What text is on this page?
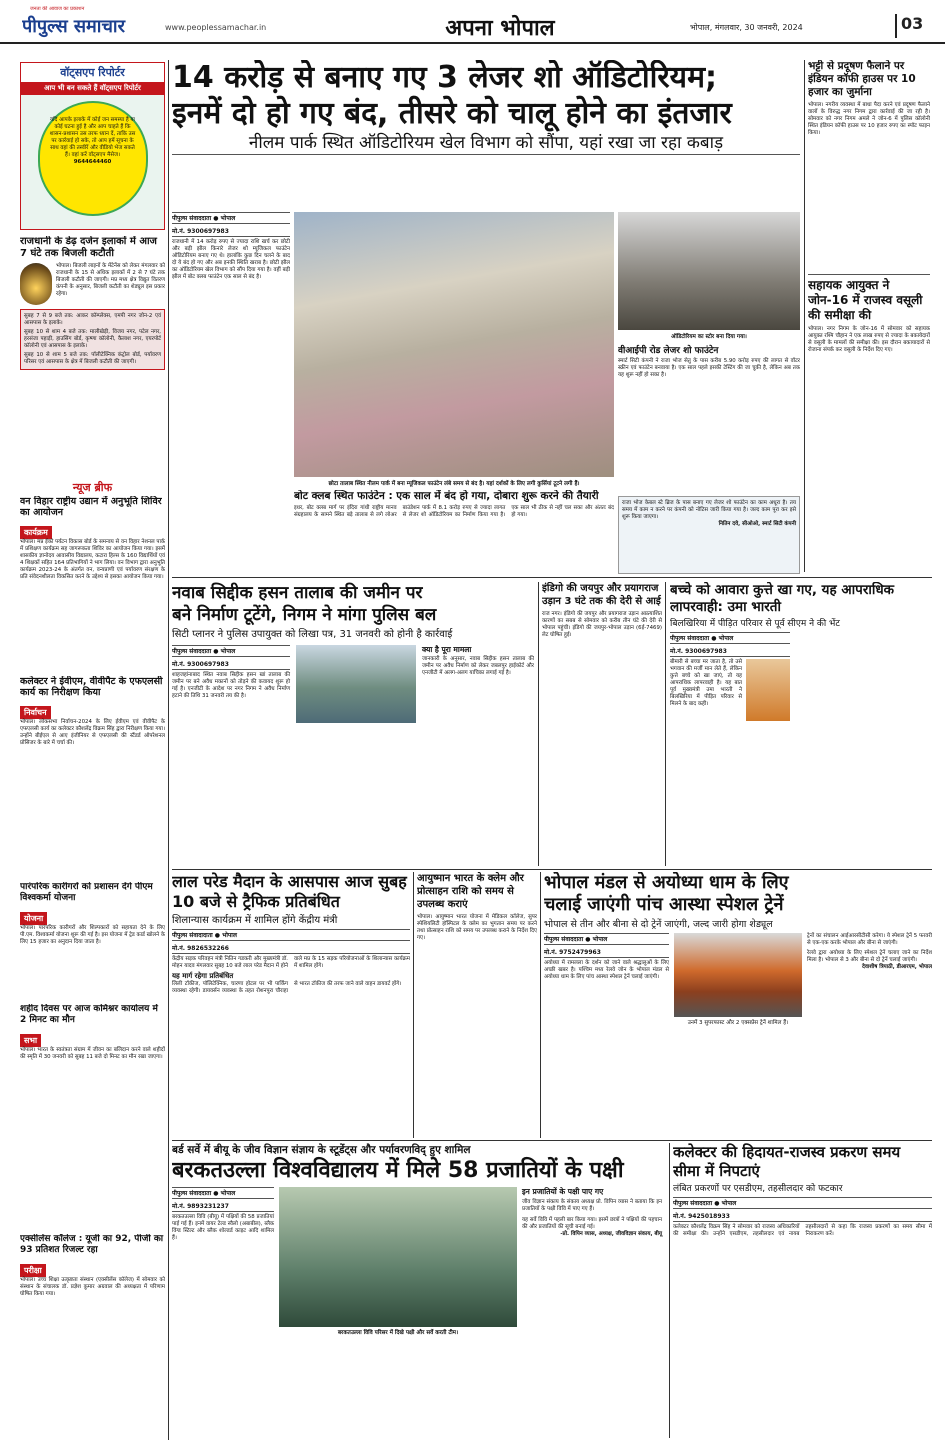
पीपुल्स समाचार
जनता की आवाज का प्रकाशन
www.peoplessamachar.in	अपना भोपाल	भोपाल, मंगलवार, 30 जनवरी, 2024	03
वॉट्सएप रिपोर्टर
आप भी बन सकते हैं वॉट्सएप रिपोर्टर
यदि आपके इलाके में कोई जन समस्या है या कोई घटना हुई है और आप चाहते हैं कि शासन-प्रशासन उस तरफ ध्यान दें, ताकि उस पर कार्रवाई हो सके, तो आप हमें सूचना के साथ वहां की तस्वीरें और वीडियो भेज सकते हैं। वहां करें वॉट्सएप मैसेज।
9644644460
राजधानी के डेढ़ दर्जन इलाकों में आज 7 घंटे तक बिजली कटौती
भोपाल। बिजली लाइनों के मेंटेनेंस को लेकर मंगलवार को राजधानी के 15 से अधिक इलाकों में 2 से 7 घंटे तक बिजली कटौती की जाएगी। मप्र मध्य क्षेत्र विद्युत वितरण कंपनी के अनुसार, बिजली कटौती का शेड्यूल इस प्रकार रहेगा।
सुबह 7 से 9 बजे तक: आकर कॉम्प्लेक्स, एमपी नगर जोन-2 एवं आसपास के इलाके।
सुबह 10 से शाम 4 बजे तक: मालीखेड़ी, विजय नगर, पटेल नगर, हरसंजा पहाड़ी, हाउसिंग बोर्ड, कृष्णा कॉलोनी, कैलाश नगर, एयरपोर्ट कॉलोनी एवं आसपास के इलाके।
सुबह 10 से शाम 5 बजे तक: पॉलीटेक्निक कंट्रोल बोर्ड, पर्यावरण परिसर एवं आसपास के क्षेत्र में बिजली कटौती की जाएगी।
न्यूज ब्रीफ
वन विहार राष्ट्रीय उद्यान में अनुभूति शिविर का आयोजन
कार्यक्रम
भोपाल। मप्र ईको पर्यटन विकास बोर्ड के समन्वय से वन विहार नेशनल पार्क में प्रशिक्षण कार्यक्रम सह जागरूकता शिविर का आयोजन किया गया। इसमें शासकीय ज्ञानोदय आवासीय विद्यालय, कटारा हिल्स के 160 विद्यार्थियों एवं 4 शिक्षकों सहित 164 प्रतिभागियों ने भाग लिया। वन विभाग द्वारा अनुभूति कार्यक्रम 2023-24 के अंतर्गत वन, वन्यप्राणी एवं पर्यावरण संरक्षण के प्रति संवेदनशीलता विकसित करने के उद्देश्य से इसका आयोजन किया गया।
कलेक्टर ने ईवीएम, वीवीपैट के एफएलसी कार्य का निरीक्षण किया
निर्वाचन
भोपाल। लोकसभा निर्वाचन-2024 के लिए ईवीएम एवं वीवीपैट के एफएलसी कार्य का कलेक्टर कौशलेंद्र विक्रम सिंह द्वारा निरीक्षण किया गया। उन्होंने बीईएल से आए इंजीनियर से एफएलसी की स्टैंडर्ड ऑपरेशनल प्रोसिजर के बारे में चर्चा की।
पारंपरिक कारीगरों को प्रशासन देंगे पीएम विश्वकर्मा योजना
योजना
भोपाल। पारंपरिक कारीगरों और शिल्पकारों को सहायता देने के लिए पी.एम. विश्वकर्मा योजना शुरू की गई है। इस योजना में ट्रेड कार्ड खोलने के लिए 15 हजार का अनुदान दिया जाता है।
शहीद दिवस पर आज कमिश्नर कार्यालय में 2 मिनट का मौन
सभा
भोपाल। भारत के स्वतंत्रता संग्राम में जीवन का बलिदान करने वाले शहीदों की स्मृति में 30 जनवरी को सुबह 11 बजे दो मिनट का मौन रखा जाएगा।
एक्सीलेंस कॉलेज : यूजी का 92, पीजी का 93 प्रतिशत रिजल्ट रहा
परीक्षा
भोपाल। उच्च शिक्षा उत्कृष्टता संस्थान (एक्सीलेंस कॉलेज) में सोमवार को संस्थान के संचालक डॉ. प्रज्ञेश कुमार अग्रवाल की अध्यक्षता में परिणाम घोषित किया गया।
14 करोड़ से बनाए गए 3 लेजर शो ऑडिटोरियम;
इनमें दो हो गए बंद, तीसरे को चालू होने का इंतजार
नीलम पार्क स्थित ऑडिटोरियम खेल विभाग को सौंपा, यहां रखा जा रहा कबाड़
पीपुल्स संवाददाता ● भोपाल
मो.नं. 9300697983
राजधानी में 14 करोड़ रुपए से ज्यादा राशि खर्च कर छोटी और बड़ी झील किनारे लेजर शो म्यूजिकल फाउंटेन ऑडिटोरियम बनाए गए थे। हालांकि कुछ दिन चलने के बाद दो ये बंद हो गए और अब इनकी स्थिति खराब है। छोटी झील का ऑडिटोरियम खेल विभाग को सौंप दिया गया है। वहीं बड़ी झील में बोट क्लब फाउंटेन एक साल से बंद है।
छोटा तालाब स्थित नीलम पार्क में बना म्यूजिकल फाउंटेन लंबे समय से बंद है। यहां दर्शकों के लिए लगी कुर्सियां टूटने लगी हैं।
ऑडिटोरियम का स्टोर बना दिया गया।
वीआईपी रोड लेजर शो फाउंटेन
स्मार्ट सिटी कंपनी ने राजा भोज सेतु के पास करीब 5.90 करोड़ रुपए की लागत से वॉटर स्क्रीन एवं फाउंटेन बनवाया है। एक साल पहले इसकी टेस्टिंग की जा चुकी है, लेकिन अब तक यह शुरू नहीं हो सका है।
बोट क्लब स्थित फाउंटेन : एक साल में बंद हो गया, दोबारा शुरू करने की तैयारी
इधर, बोट क्लब मार्ग पर इंदिरा गांधी राष्ट्रीय मानव संग्रहालय के सामने स्थित बड़े तालाब से लगे लोअर बाउंडेशन पार्क में 8.1 करोड़ रुपए से ज्यादा लागत से लेजर शो ऑडिटोरियम का निर्माण किया गया है। एक साल भी ठीक से नहीं चल सका और अंततः बंद हो गया।
राजा भोज केबल स्टे ब्रिज के पास बनाए गए लेजर शो फाउंटेन का काम अधूरा है। तय समय में काम न करने पर कंपनी को नोटिस जारी किया गया है। जल्द काम पूरा कर इसे शुरू किया जाएगा।
नितिन दवे, सीओओ, स्मार्ट सिटी कंपनी
भट्टी से प्रदूषण फैलाने पर इंडियन कॉफी हाउस पर 10 हजार का जुर्माना
भोपाल। नगरीय व्यवस्था में बाधा पैदा करने एवं प्रदूषण फैलाने वालों के विरुद्ध नगर निगम द्वारा कार्रवाई की जा रही है। सोमवार को नगर निगम अमले ने जोन-6 में पुलिस कॉलोनी स्थित इंडियन कॉफी हाउस पर 10 हजार रुपए का स्पॉट फाइन किया।
सहायक आयुक्त ने जोन-16 में राजस्व वसूली की समीक्षा की
भोपाल। नगर निगम के जोन-16 में सोमवार को सहायक आयुक्त रश्मि चौहान ने एक लाख रुपए से ज्यादा के बकायेदारों से वसूली के मामलों की समीक्षा की। इस दौरान बकायादारों से रोजाना संपर्क कर वसूली के निर्देश दिए गए।
नवाब सिद्दीक हसन तालाब की जमीन पर
बने निर्माण टूटेंगे, निगम ने मांगा पुलिस बल
सिटी प्लानर ने पुलिस उपायुक्त को लिखा पत्र, 31 जनवरी को होनी है कार्रवाई
पीपुल्स संवाददाता ● भोपाल
मो.नं. 9300697983
शाहजहांनाबाद स्थित नवाब सिद्दीक हसन खां तालाब की जमीन पर बने अवैध मकानों को तोड़ने की कवायद शुरू हो गई है। एनजीटी के आदेश पर नगर निगम ने अवैध निर्माण हटाने की तिथि 31 जनवरी तय की है।
क्या है पूरा मामला
जानकारी के अनुसार, नवाब सिद्दीक हसन तालाब की जमीन पर अवैध निर्माण को लेकर जबलपुर हाईकोर्ट और एनजीटी में अलग-अलग याचिका लगाई गई है।
इंडिगो की जयपुर और प्रयागराज उड़ान 3 घंटे तक की देरी से आई
राज नगर। इंडिगो की जयपुर और प्रयागराज उड़ान अप्रत्याशित कारणों का सबब से सोमवार को करीब तीन घंटे की देरी से भोपाल पहुंची। इंडिगो की जयपुर-भोपाल उड़ान (6ई-7469) लेट घोषित हुई।
बच्चे को आवारा कुत्ते खा गए, यह आपराधिक लापरवाही: उमा भारती
बिलखिरिया में पीड़ित परिवार से पूर्व सीएम ने की भेंट
पीपुल्स संवाददाता ● भोपाल
मो.नं. 9300697983
बीमारी से बच्चा मर जाता है, तो उसे भगवान की मर्जी मान लेते हैं, लेकिन कुत्ते बच्चे को खा जाएं, तो यह आपराधिक लापरवाही है। यह बात पूर्व मुख्यमंत्री उमा भारती ने बिलखिरिया में पीड़ित परिवार से मिलने के बाद कही।
लाल परेड मैदान के आसपास आज सुबह 10 बजे से ट्रैफिक प्रतिबंधित
शिलान्यास कार्यक्रम में शामिल होंगे केंद्रीय मंत्री
पीपुल्स संवादादाता ● भोपाल
मो.नं. 9826532266
केंद्रीय सड़क परिवहन मंत्री नितिन गडकरी और मुख्यमंत्री डॉ. मोहन यादव मंगलवार सुबह 10 बजे लाल परेड मैदान में होने वाले मप्र के 15 सड़क परियोजनाओं के शिलान्यास कार्यक्रम में शामिल होंगे।
यह मार्ग रहेगा प्रतिबंधित
लिली टॉकीज, पॉलिटेक्निक, चारणा होटल पर भी पार्किंग व्यवस्था रहेगी। डायवर्सन व्यवस्था के तहत रोशनपुरा चौराहा से भारत टॉकीज की तरफ जाने वाले वाहन डायवर्ट होंगे।
आयुष्मान भारत के क्लेम और प्रोत्साहन राशि को समय से उपलब्ध कराएं
भोपाल। आयुष्मान भारत योजना में मेडिकल कॉलेज, सुपर स्पेशियलिटी हॉस्पिटल के क्लेम का भुगतान समय पर करने तथा प्रोत्साहन राशि को समय पर उपलब्ध कराने के निर्देश दिए गए।
भोपाल मंडल से अयोध्या धाम के लिए
चलाई जाएंगी पांच आस्था स्पेशल ट्रेनें
भोपाल से तीन और बीना से दो ट्रेनें जाएंगी, जल्द जारी होगा शेड्यूल
पीपुल्स संवाददाता ● भोपाल
मो.नं. 9752479963
अयोध्या में रामलला के दर्शन को जाने वाले श्रद्धालुओं के लिए अच्छी खबर है। पश्चिम मध्य रेलवे जोन के भोपाल मंडल से अयोध्या धाम के लिए पांच आस्था स्पेशल ट्रेनें चलाई जाएंगी।
उनमें 3 सुपरफास्ट और 2 एक्सप्रेस ट्रेनें शामिल हैं।
ट्रेनों का संचालन आईआरसीटीसी करेगा। ये स्पेशल ट्रेनें 5 फरवरी से एक-एक करके भोपाल और बीना से जाएंगी।
रेलवे द्वारा अयोध्या के लिए स्पेशल ट्रेनें चलाए जाने का निर्देश मिला है। भोपाल से 3 और बीना से दो ट्रेनें चलाई जाएंगी।
देवाशीष त्रिपाठी, डीआरएम, भोपाल
बर्ड सर्वे में बीयू के जीव विज्ञान संज्ञाय के स्टूडेंट्स और पर्यावरणविद् हुए शामिल
बरकतउल्ला विश्वविद्यालय में मिले 58 प्रजातियों के पक्षी
पीपुल्स संवाददाता ● भोपाल
मो.नं. 9893231237
बरकतउल्ला विवि (बीयू) में पक्षियों की 58 प्रजातियां पाई गई हैं। इनमें वायर टेल्ड स्वैलो (अबाबील), ब्लैक विंग्ड स्टिल्ट और ब्लैक शोल्डर्ड काइट आदि शामिल हैं।
बरकतउल्ला विवि परिसर में दिखे पक्षी और सर्वे करती टीम।
इन प्रजातियों के पक्षी पाए गए
जीव विज्ञान संकाय के संकाय अध्यक्ष प्रो. विपिन व्यास ने बताया कि इन प्रजातियों के पक्षी विवि में पाए गए हैं।
यह सर्वे विवि में पहली बार किया गया। इसमें छात्रों ने पक्षियों की पहचान की और प्रजातियों की सूची बनाई गई।
-प्रो. विपिन व्यास, अध्यक्ष, जीवविज्ञान संकाय, बीयू
कलेक्टर की हिदायत-राजस्व प्रकरण समय सीमा में निपटाएं
लंबित प्रकरणों पर एसडीएम, तहसीलदार को फटकार
पीपुल्स संवाददाता ● भोपाल
मो.नं. 9425018933
कलेक्टर कौशलेंद्र विक्रम सिंह ने सोमवार को राजस्व अधिकारियों की समीक्षा की। उन्होंने एसडीएम, तहसीलदार एवं नायब तहसीलदारों से कहा कि राजस्व प्रकरणों का समय सीमा में निराकरण करें।
